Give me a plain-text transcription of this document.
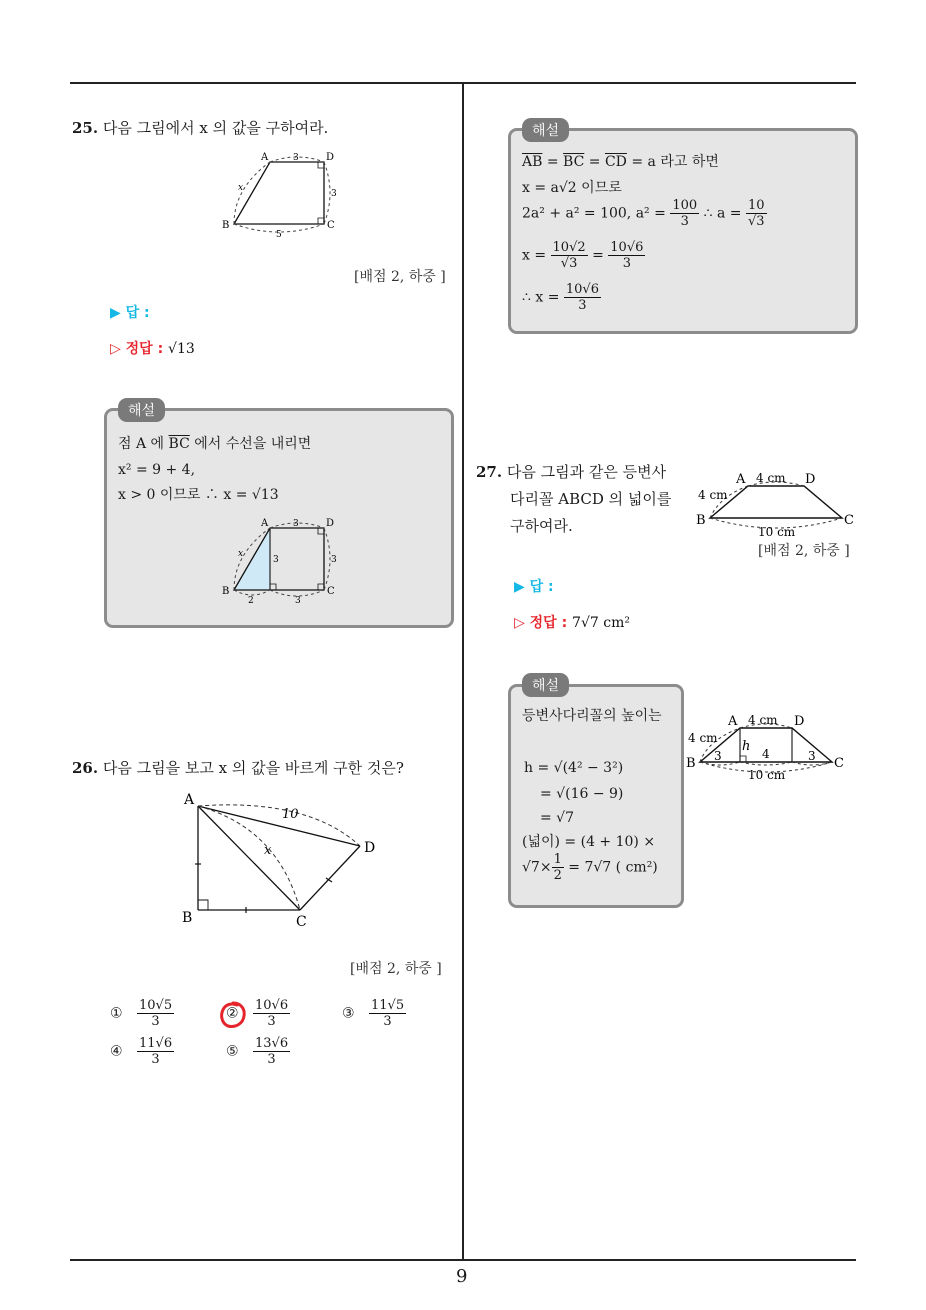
25. 다음 그림에서 x 의 값을 구하여라.
A	D
B	C
3
3
5
x
[배점 2, 하중 ]
▶ 답 :
▷ 정답 : √13
해설
점 A 에 $\overline{BC}$ 에서 수선을 내리면
x² = 9 + 4,
x > 0 이므로 ∴ x = √13
A	D
B	C
3
3	3
2	3
x
26. 다음 그림을 보고 x 의 값을 바르게 구한 것은?
A
B	C
D
10
x
[배점 2, 하중 ]
① $\frac{10√5}{3}$	② $\frac{10√6}{3}$	③ $\frac{11√5}{3}$
④ $\frac{11√6}{3}$	⑤ $\frac{13√6}{3}$
해설
$\overline{AB} = \overline{BC} = \overline{CD} = a$ 라고 하면
x = a√2 이므로
2a² + a² = 100, $a^2 = \frac{100}{3}$ ∴ $a = \frac{10}{√3}$
$x = \frac{10√2}{√3} = \frac{10√6}{3}$
∴ $x = \frac{10√6}{3}$
27. 다음 그림과 같은 등변사
다리꼴 ABCD 의 넓이를
구하여라.
A	D
B	C
4 cm
4 cm
10 cm
[배점 2, 하중 ]
▶ 답 :
▷ 정답 : 7√7 cm²
해설
등변사다리꼴의 높이는
h = √(4² − 3²)
= √(16 − 9)
= √7
(넓이) = (4 + 10) ×
$√7\times \frac{1}{2} = 7√7$ ( cm²)
A	D
B	C
4 cm
4 cm
h
3	4	3
10 cm
9
